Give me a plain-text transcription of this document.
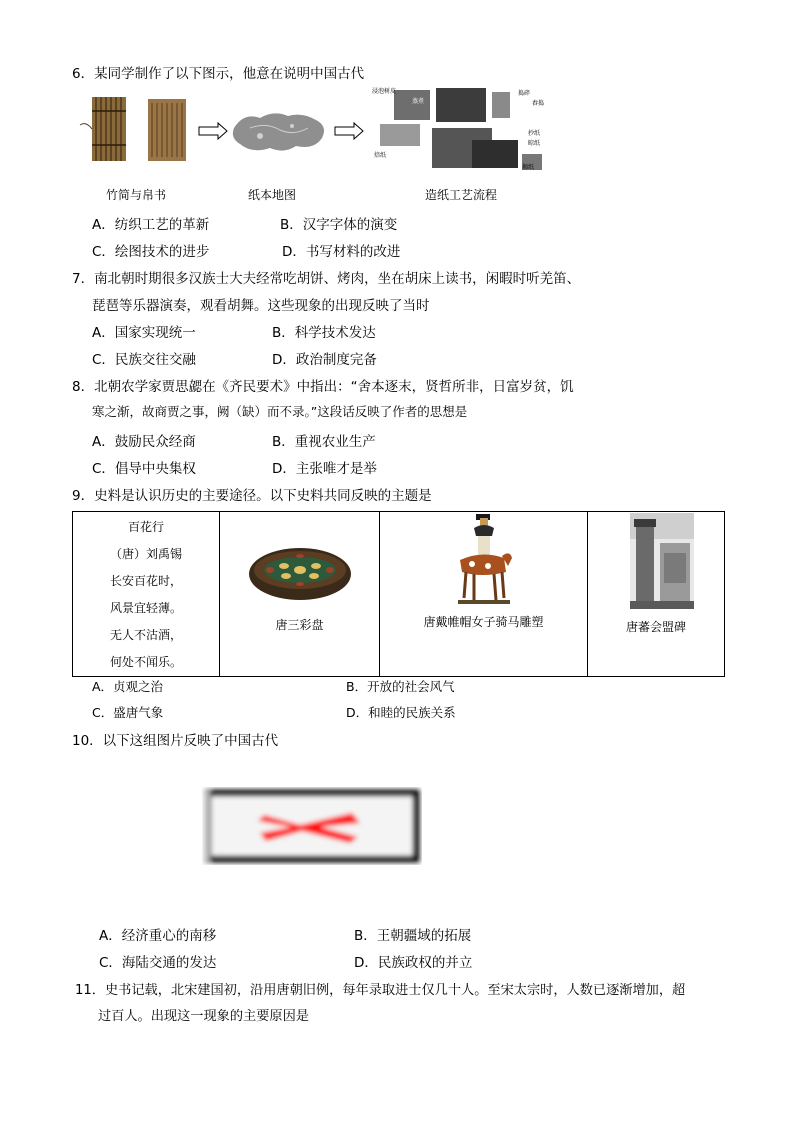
6．某同学制作了以下图示，他意在说明中国古代
浸泡树皮
蒸煮
捣碎
舂捣
抄纸
晾纸
焙纸
揭纸
竹简与帛书	纸本地图	造纸工艺流程
A．纺织工艺的革新	B．汉字字体的演变
C．绘图技术的进步	D．书写材料的改进
7．南北朝时期很多汉族士大夫经常吃胡饼、烤肉，坐在胡床上读书，闲暇时听羌笛、
琵琶等乐器演奏，观看胡舞。这些现象的出现反映了当时
A．国家实现统一	B．科学技术发达
C．民族交往交融	D．政治制度完备
8．北朝农学家贾思勰在《齐民要术》中指出：“舍本逐末，贤哲所非，日富岁贫，饥
寒之渐，故商贾之事，阙（缺）而不录。”这段话反映了作者的思想是
A．鼓励民众经商	B．重视农业生产
C．倡导中央集权	D．主张唯才是举
9．史料是认识历史的主要途径。以下史料共同反映的主题是
百花行
（唐）刘禹锡
长安百花时，
风景宜轻薄。
无人不沽酒，
何处不闻乐。

唐三彩盘	唐戴帷帽女子骑马雕塑	唐蕃会盟碑
A．贞观之治	B．开放的社会风气
C．盛唐气象	D．和睦的民族关系
10．以下这组图片反映了中国古代
A．经济重心的南移	B．王朝疆域的拓展
C．海陆交通的发达	D．民族政权的并立
11．史书记载，北宋建国初，沿用唐朝旧例，每年录取进士仅几十人。至宋太宗时，人数已逐渐增加，超
过百人。出现这一现象的主要原因是
